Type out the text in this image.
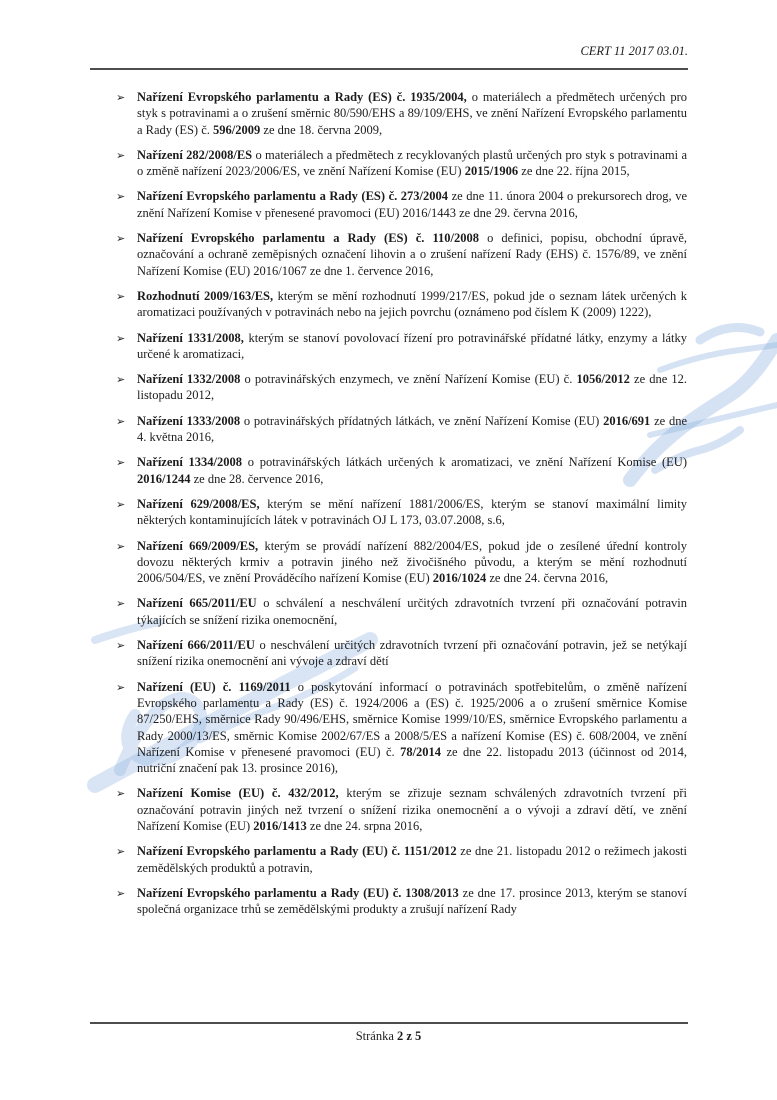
CERT 11 2017 03.01.
➢ Nařízení Evropského parlamentu a Rady (ES) č. 1935/2004, o materiálech a předmětech určených pro styk s potravinami a o zrušení směrnic 80/590/EHS a 89/109/EHS, ve znění Nařízení Evropského parlamentu a Rady (ES) č. 596/2009 ze dne 18. června 2009,
➢ Nařízení 282/2008/ES o materiálech a předmětech z recyklovaných plastů určených pro styk s potravinami a o změně nařízení 2023/2006/ES, ve znění Nařízení Komise (EU) 2015/1906 ze dne 22. října 2015,
➢ Nařízení Evropského parlamentu a Rady (ES) č. 273/2004 ze dne 11. února 2004 o prekursorech drog, ve znění Nařízení Komise v přenesené pravomoci (EU) 2016/1443 ze dne 29. června 2016,
➢ Nařízení Evropského parlamentu a Rady (ES) č. 110/2008 o definici, popisu, obchodní úpravě, označování a ochraně zeměpisných označení lihovin a o zrušení nařízení Rady (EHS) č. 1576/89, ve znění Nařízení Komise (EU) 2016/1067 ze dne 1. července 2016,
➢ Rozhodnutí 2009/163/ES, kterým se mění rozhodnutí 1999/217/ES, pokud jde o seznam látek určených k aromatizaci používaných v potravinách nebo na jejich povrchu (oznámeno pod číslem K (2009) 1222),
➢ Nařízení 1331/2008, kterým se stanoví povolovací řízení pro potravinářské přídatné látky, enzymy a látky určené k aromatizaci,
➢ Nařízení 1332/2008 o potravinářských enzymech, ve znění Nařízení Komise (EU) č. 1056/2012 ze dne 12. listopadu 2012,
➢ Nařízení 1333/2008 o potravinářských přídatných látkách, ve znění Nařízení Komise (EU) 2016/691 ze dne 4. května 2016,
➢ Nařízení 1334/2008 o potravinářských látkách určených k aromatizaci, ve znění Nařízení Komise (EU) 2016/1244 ze dne 28. července 2016,
➢ Nařízení 629/2008/ES, kterým se mění nařízení 1881/2006/ES, kterým se stanoví maximální limity některých kontaminujících látek v potravinách OJ L 173, 03.07.2008, s.6,
➢ Nařízení 669/2009/ES, kterým se provádí nařízení 882/2004/ES, pokud jde o zesílené úřední kontroly dovozu některých krmiv a potravin jiného než živočišného původu, a kterým se mění rozhodnutí 2006/504/ES, ve znění Prováděcího nařízení Komise (EU) 2016/1024 ze dne 24. června 2016,
➢ Nařízení 665/2011/EU o schválení a neschválení určitých zdravotních tvrzení při označování potravin týkajících se snížení rizika onemocnění,
➢ Nařízení 666/2011/EU o neschválení určitých zdravotních tvrzení při označování potravin, jež se netýkají snížení rizika onemocnění ani vývoje a zdraví dětí
➢ Nařízení (EU) č. 1169/2011 o poskytování informací o potravinách spotřebitelům, o změně nařízení Evropského parlamentu a Rady (ES) č. 1924/2006 a (ES) č. 1925/2006 a o zrušení směrnice Komise 87/250/EHS, směrnice Rady 90/496/EHS, směrnice Komise 1999/10/ES, směrnice Evropského parlamentu a Rady 2000/13/ES, směrnic Komise 2002/67/ES a 2008/5/ES a nařízení Komise (ES) č. 608/2004, ve znění Nařízení Komise v přenesené pravomoci (EU) č. 78/2014 ze dne 22. listopadu 2013 (účinnost od 2014, nutriční značení pak 13. prosince 2016),
➢ Nařízení Komise (EU) č. 432/2012, kterým se zřizuje seznam schválených zdravotních tvrzení při označování potravin jiných než tvrzení o snížení rizika onemocnění a o vývoji a zdraví dětí, ve znění Nařízení Komise (EU) 2016/1413 ze dne 24. srpna 2016,
➢ Nařízení Evropského parlamentu a Rady (EU) č. 1151/2012 ze dne 21. listopadu 2012 o režimech jakosti zemědělských produktů a potravin,
➢ Nařízení Evropského parlamentu a Rady (EU) č. 1308/2013 ze dne 17. prosince 2013, kterým se stanoví společná organizace trhů se zemědělskými produkty a zrušují nařízení Rady
Stránka 2 z 5
